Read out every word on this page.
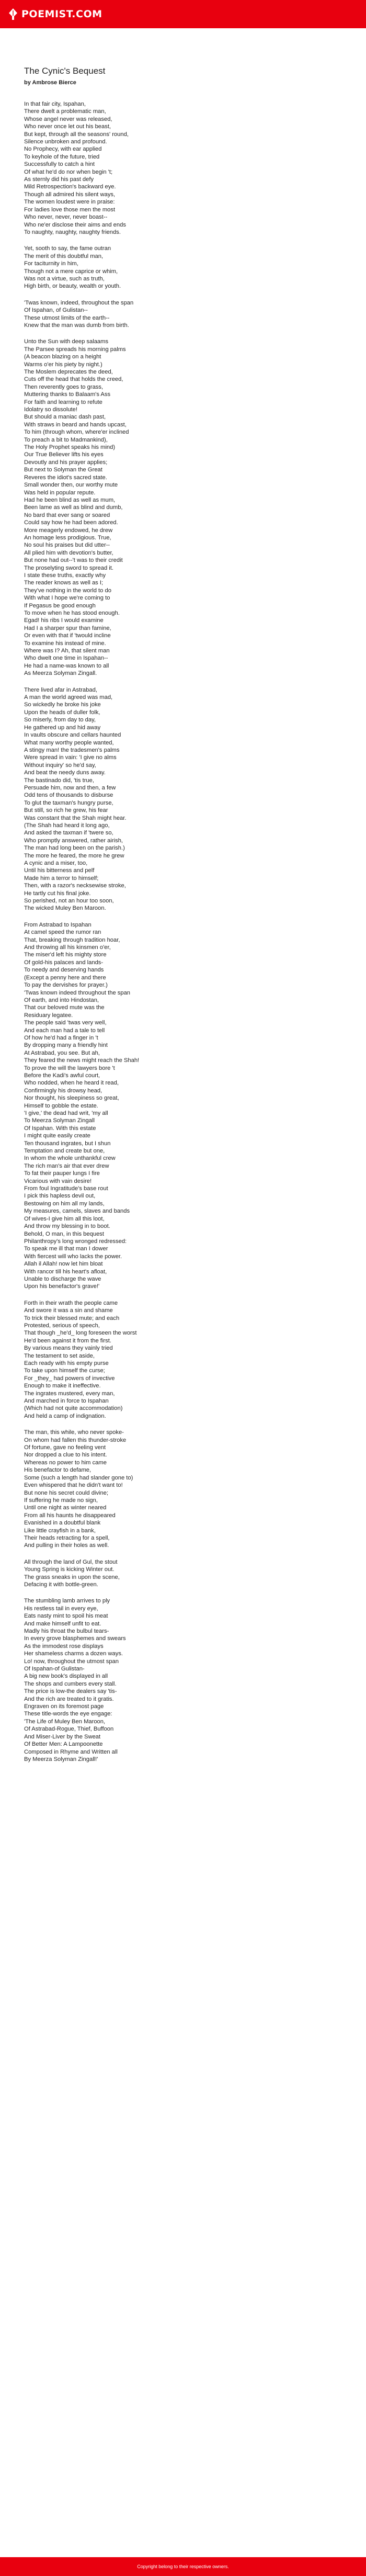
POEMIST.COM
The Cynic's Bequest

by Ambrose Bierce

In that fair city, Ispahan,
There dwelt a problematic man,
Whose angel never was released,
Who never once let out his beast,
But kept, through all the seasons' round,
Silence unbroken and profound.
No Prophecy, with ear applied
To keyhole of the future, tried
Successfully to catch a hint
Of what he'd do nor when begin 't;
As sternly did his past defy
Mild Retrospection's backward eye.
Though all admired his silent ways,
The women loudest were in praise:
For ladies love those men the most
Who never, never, never boast--
Who ne'er disclose their aims and ends
To naughty, naughty, naughty friends.
Yet, sooth to say, the fame outran
The merit of this doubtful man,
For taciturnity in him,
Though not a mere caprice or whim,
Was not a virtue, such as truth,
High birth, or beauty, wealth or youth.
'Twas known, indeed, throughout the span
Of Ispahan, of Gulistan--
These utmost limits of the earth--
Knew that the man was dumb from birth.
Unto the Sun with deep salaams
The Parsee spreads his morning palms
(A beacon blazing on a height
Warms o'er his piety by night.)
The Moslem deprecates the deed,
Cuts off the head that holds the creed,
Then reverently goes to grass,
Muttering thanks to Balaam's Ass
For faith and learning to refute
Idolatry so dissolute!
But should a maniac dash past,
With straws in beard and hands upcast,
To him (through whom, where'er inclined
To preach a bit to Madmankind),
The Holy Prophet speaks his mind)
Our True Believer lifts his eyes
Devoutly and his prayer applies;
But next to Solyman the Great
Reveres the idiot's sacred state.
Small wonder then, our worthy mute
Was held in popular repute.
Had he been blind as well as mum,
Been lame as well as blind and dumb,
No bard that ever sang or soared
Could say how he had been adored.
More meagerly endowed, he drew
An homage less prodigious. True,
No soul his praises but did utter--
All plied him with devotion's butter,
But none had out--'t was to their credit
The proselyting sword to spread it.
I state these truths, exactly why
The reader knows as well as I;
They've nothing in the world to do
With what I hope we're coming to
If Pegasus be good enough
To move when he has stood enough.
Egad! his ribs I would examine
Had I a sharper spur than famine,
Or even with that if 'twould incline
To examine his instead of mine.
Where was I? Ah, that silent man
Who dwelt one time in Ispahan--
He had a name-was known to all
As Meerza Solyman Zingall.
There lived afar in Astrabad,
A man the world agreed was mad,
So wickedly he broke his joke
Upon the heads of duller folk,
So miserly, from day to day,
He gathered up and hid away
In vaults obscure and cellars haunted
What many worthy people wanted,
A stingy man! the tradesmen's palms
Were spread in vain: 'I give no alms
Without inquiry' so he'd say,
And beat the needy duns away.
The bastinado did, 'tis true,
Persuade him, now and then, a few
Odd tens of thousands to disburse
To glut the taxman's hungry purse,
But still, so rich he grew, his fear
Was constant that the Shah might hear.
(The Shah had heard it long ago,
And asked the taxman if 'twere so,
Who promptly answered, rather airish,
The man had long been on the parish.)
The more he feared, the more he grew
A cynic and a miser, too,
Until his bitterness and pelf
Made him a terror to himself;
Then, with a razor's necksewise stroke,
He tartly cut his final joke.
So perished, not an hour too soon,
The wicked Muley Ben Maroon.
From Astrabad to Ispahan
At camel speed the rumor ran
That, breaking through tradition hoar,
And throwing all his kinsmen o'er,
The miser'd left his mighty store
Of gold-his palaces and lands-
To needy and deserving hands
(Except a penny here and there
To pay the dervishes for prayer.)
'Twas known indeed throughout the span
Of earth, and into Hindostan,
That our beloved mute was the
Residuary legatee.
The people said 'twas very well,
And each man had a tale to tell
Of how he'd had a finger in 't
By dropping many a friendly hint
At Astrabad, you see. But ah,
They feared the news might reach the Shah!
To prove the will the lawyers bore 't
Before the Kadi's awful court,
Who nodded, when he heard it read,
Confirmingly his drowsy head,
Nor thought, his sleepiness so great,
Himself to gobble the estate.
'I give,' the dead had writ, 'my all
To Meerza Solyman Zingall
Of Ispahan. With this estate
I might quite easily create
Ten thousand ingrates, but I shun
Temptation and create but one,
In whom the whole unthankful crew
The rich man's air that ever drew
To fat their pauper lungs I fire
Vicarious with vain desire!
From foul Ingratitude's base rout
I pick this hapless devil out,
Bestowing on him all my lands,
My measures, camels, slaves and bands
Of wives-I give him all this loot,
And throw my blessing in to boot.
Behold, O man, in this bequest
Philanthropy's long wronged redressed:
To speak me ill that man I dower
With fiercest will who lacks the power.
Allah il Allah! now let him bloat
With rancor till his heart's afloat,
Unable to discharge the wave
Upon his benefactor's grave!'
Forth in their wrath the people came
And swore it was a sin and shame
To trick their blessed mute; and each
Protested, serious of speech,
That though _he'd_ long foreseen the worst
He'd been against it from the first.
By various means they vainly tried
The testament to set aside,
Each ready with his empty purse
To take upon himself the curse;
For _they_ had powers of invective
Enough to make it ineffective.
The ingrates mustered, every man,
And marched in force to Ispahan
(Which had not quite accommodation)
And held a camp of indignation.
The man, this while, who never spoke-
On whom had fallen this thunder-stroke
Of fortune, gave no feeling vent
Nor dropped a clue to his intent.
Whereas no power to him came
His benefactor to defame,
Some (such a length had slander gone to)
Even whispered that he didn't want to!
But none his secret could divine;
If suffering he made no sign,
Until one night as winter neared
From all his haunts he disappeared
Evanished in a doubtful blank
Like little crayfish in a bank,
Their heads retracting for a spell,
And pulling in their holes as well.
All through the land of Gul, the stout
Young Spring is kicking Winter out.
The grass sneaks in upon the scene,
Defacing it with bottle-green.
The stumbling lamb arrives to ply
His restless tail in every eye,
Eats nasty mint to spoil his meat
And make himself unfit to eat.
Madly his throat the bulbul tears-
In every grove blasphemes and swears
As the immodest rose displays
Her shameless charms a dozen ways.
Lo! now, throughout the utmost span
Of Ispahan-of Gulistan-
A big new book's displayed in all
The shops and cumbers every stall.
The price is low-the dealers say 'tis-
And the rich are treated to it gratis.
Engraven on its foremost page
These title-words the eye engage:
'The Life of Muley Ben Maroon,
Of Astrabad-Rogue, Thief, Buffoon
And Miser-Liver by the Sweat
Of Better Men: A Lampoonette
Composed in Rhyme and Written all
By Meerza Solyman Zingall!'
Copyright belong to their respective owners.
